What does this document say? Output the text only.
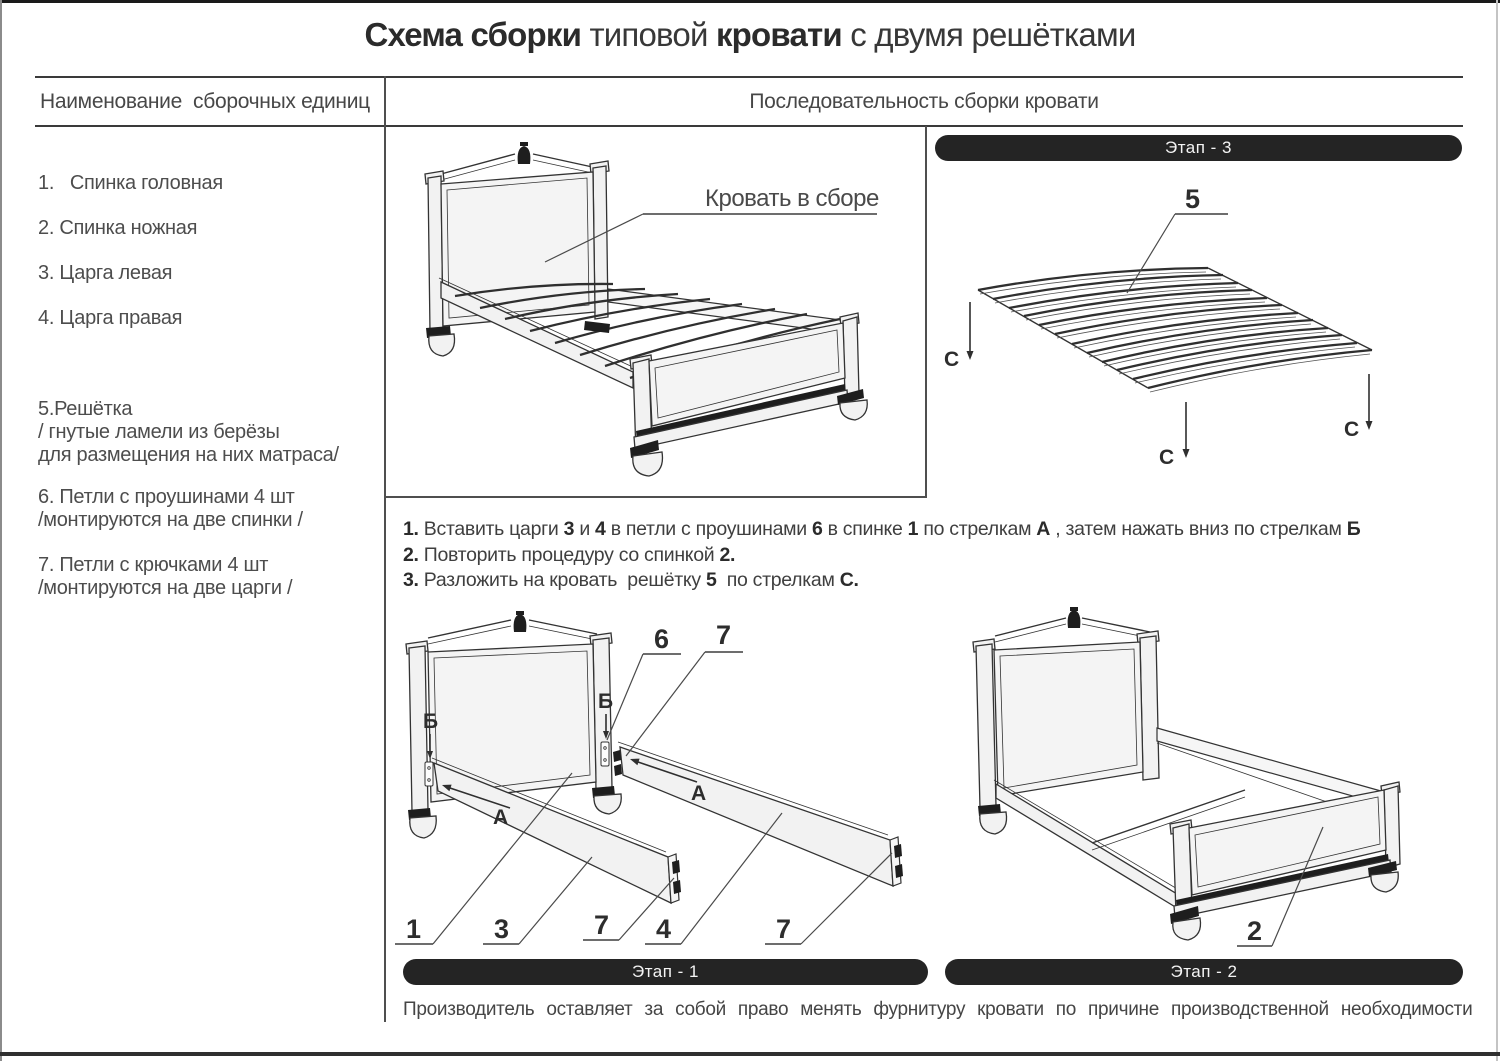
Схема сборки типовой кровати с двумя решётками
Наименование  сборочных единиц	Последовательность сборки кровати
1.   Спинка головная
2. Спинка ножная
3. Царга левая
4. Царга правая

5.Решётка
/ гнутые ламели из берёзы
для размещения на них матраса/

6. Петли с проушинами 4 шт
/монтируются на две спинки /

7. Петли с крючками 4 шт
/монтируются на две царги /

Кровать в сборе
Этап - 3
5
С
С
С
1. Вставить царги 3 и 4 в петли с проушинами 6 в спинке 1 по стрелкам А , затем нажать вниз по стрелкам Б
2. Повторить процедуру со спинкой 2.
3. Разложить на кровать  решётку 5  по стрелкам С.
Б
Б
А
А
6 7
1	3	7 4	7	2
Этап - 1	Этап - 2
Производитель оставляет за собой право менять фурнитуру кровати по причине производственной необходимости
